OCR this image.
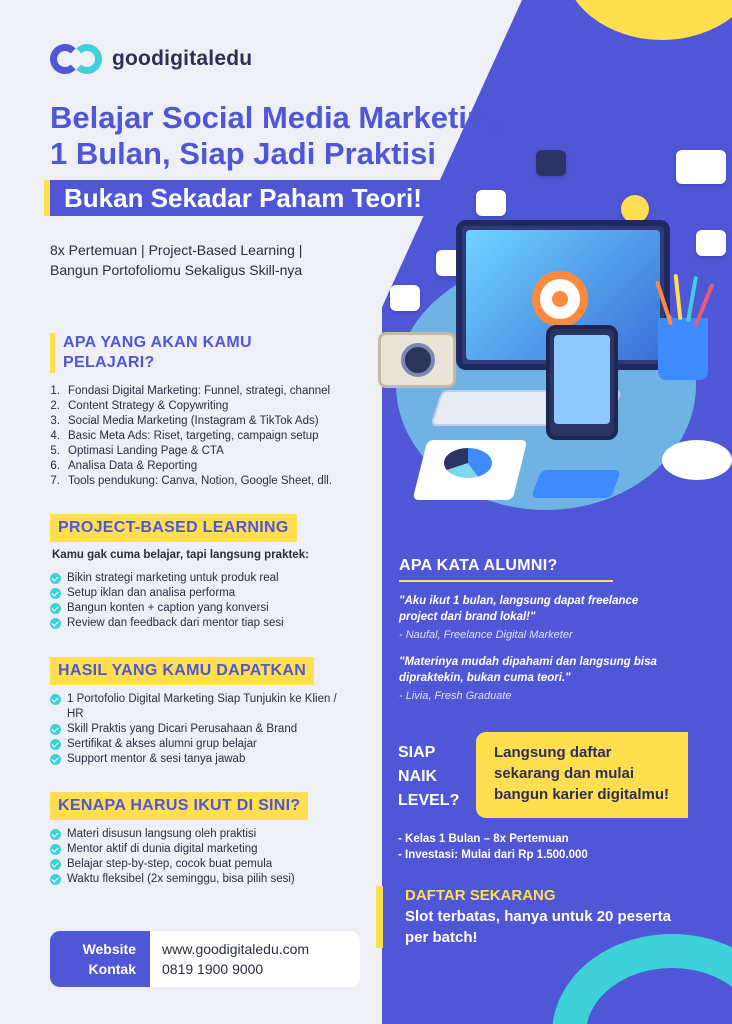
goodigitaledu
Belajar Social Media Marketing
1 Bulan, Siap Jadi Praktisi
Bukan Sekadar Paham Teori!
8x Pertemuan | Project-Based Learning |
Bangun Portofoliomu Sekaligus Skill-nya
APA YANG AKAN KAMU
PELAJARI?
1. Fondasi Digital Marketing: Funnel, strategi, channel
2. Content Strategy & Copywriting
3. Social Media Marketing (Instagram & TikTok Ads)
4. Basic Meta Ads: Riset, targeting, campaign setup
5. Optimasi Landing Page & CTA
6. Analisa Data & Reporting
7. Tools pendukung: Canva, Notion, Google Sheet, dll.
PROJECT-BASED LEARNING
Kamu gak cuma belajar, tapi langsung praktek:
Bikin strategi marketing untuk produk real
Setup iklan dan analisa performa
Bangun konten + caption yang konversi
Review dan feedback dari mentor tiap sesi
HASIL YANG KAMU DAPATKAN
1 Portofolio Digital Marketing Siap Tunjukin ke Klien / HR
Skill Praktis yang Dicari Perusahaan & Brand
Sertifikat & akses alumni grup belajar
Support mentor & sesi tanya jawab
KENAPA HARUS IKUT DI SINI?
Materi disusun langsung oleh praktisi
Mentor aktif di dunia digital marketing
Belajar step-by-step, cocok buat pemula
Waktu fleksibel (2x seminggu, bisa pilih sesi)
Website
Kontak
www.goodigitaledu.com
0819 1900 9000
APA KATA ALUMNI?
"Aku ikut 1 bulan, langsung dapat freelance project dari brand lokal!"
- Naufal, Freelance Digital Marketer
"Materinya mudah dipahami dan langsung bisa dipraktekin, bukan cuma teori."
- Livia, Fresh Graduate
SIAP
NAIK
LEVEL?
Langsung daftar
sekarang dan mulai
bangun karier digitalmu!
- Kelas 1 Bulan – 8x Pertemuan
- Investasi: Mulai dari Rp 1.500.000
DAFTAR SEKARANG
Slot terbatas, hanya untuk 20 peserta
per batch!
